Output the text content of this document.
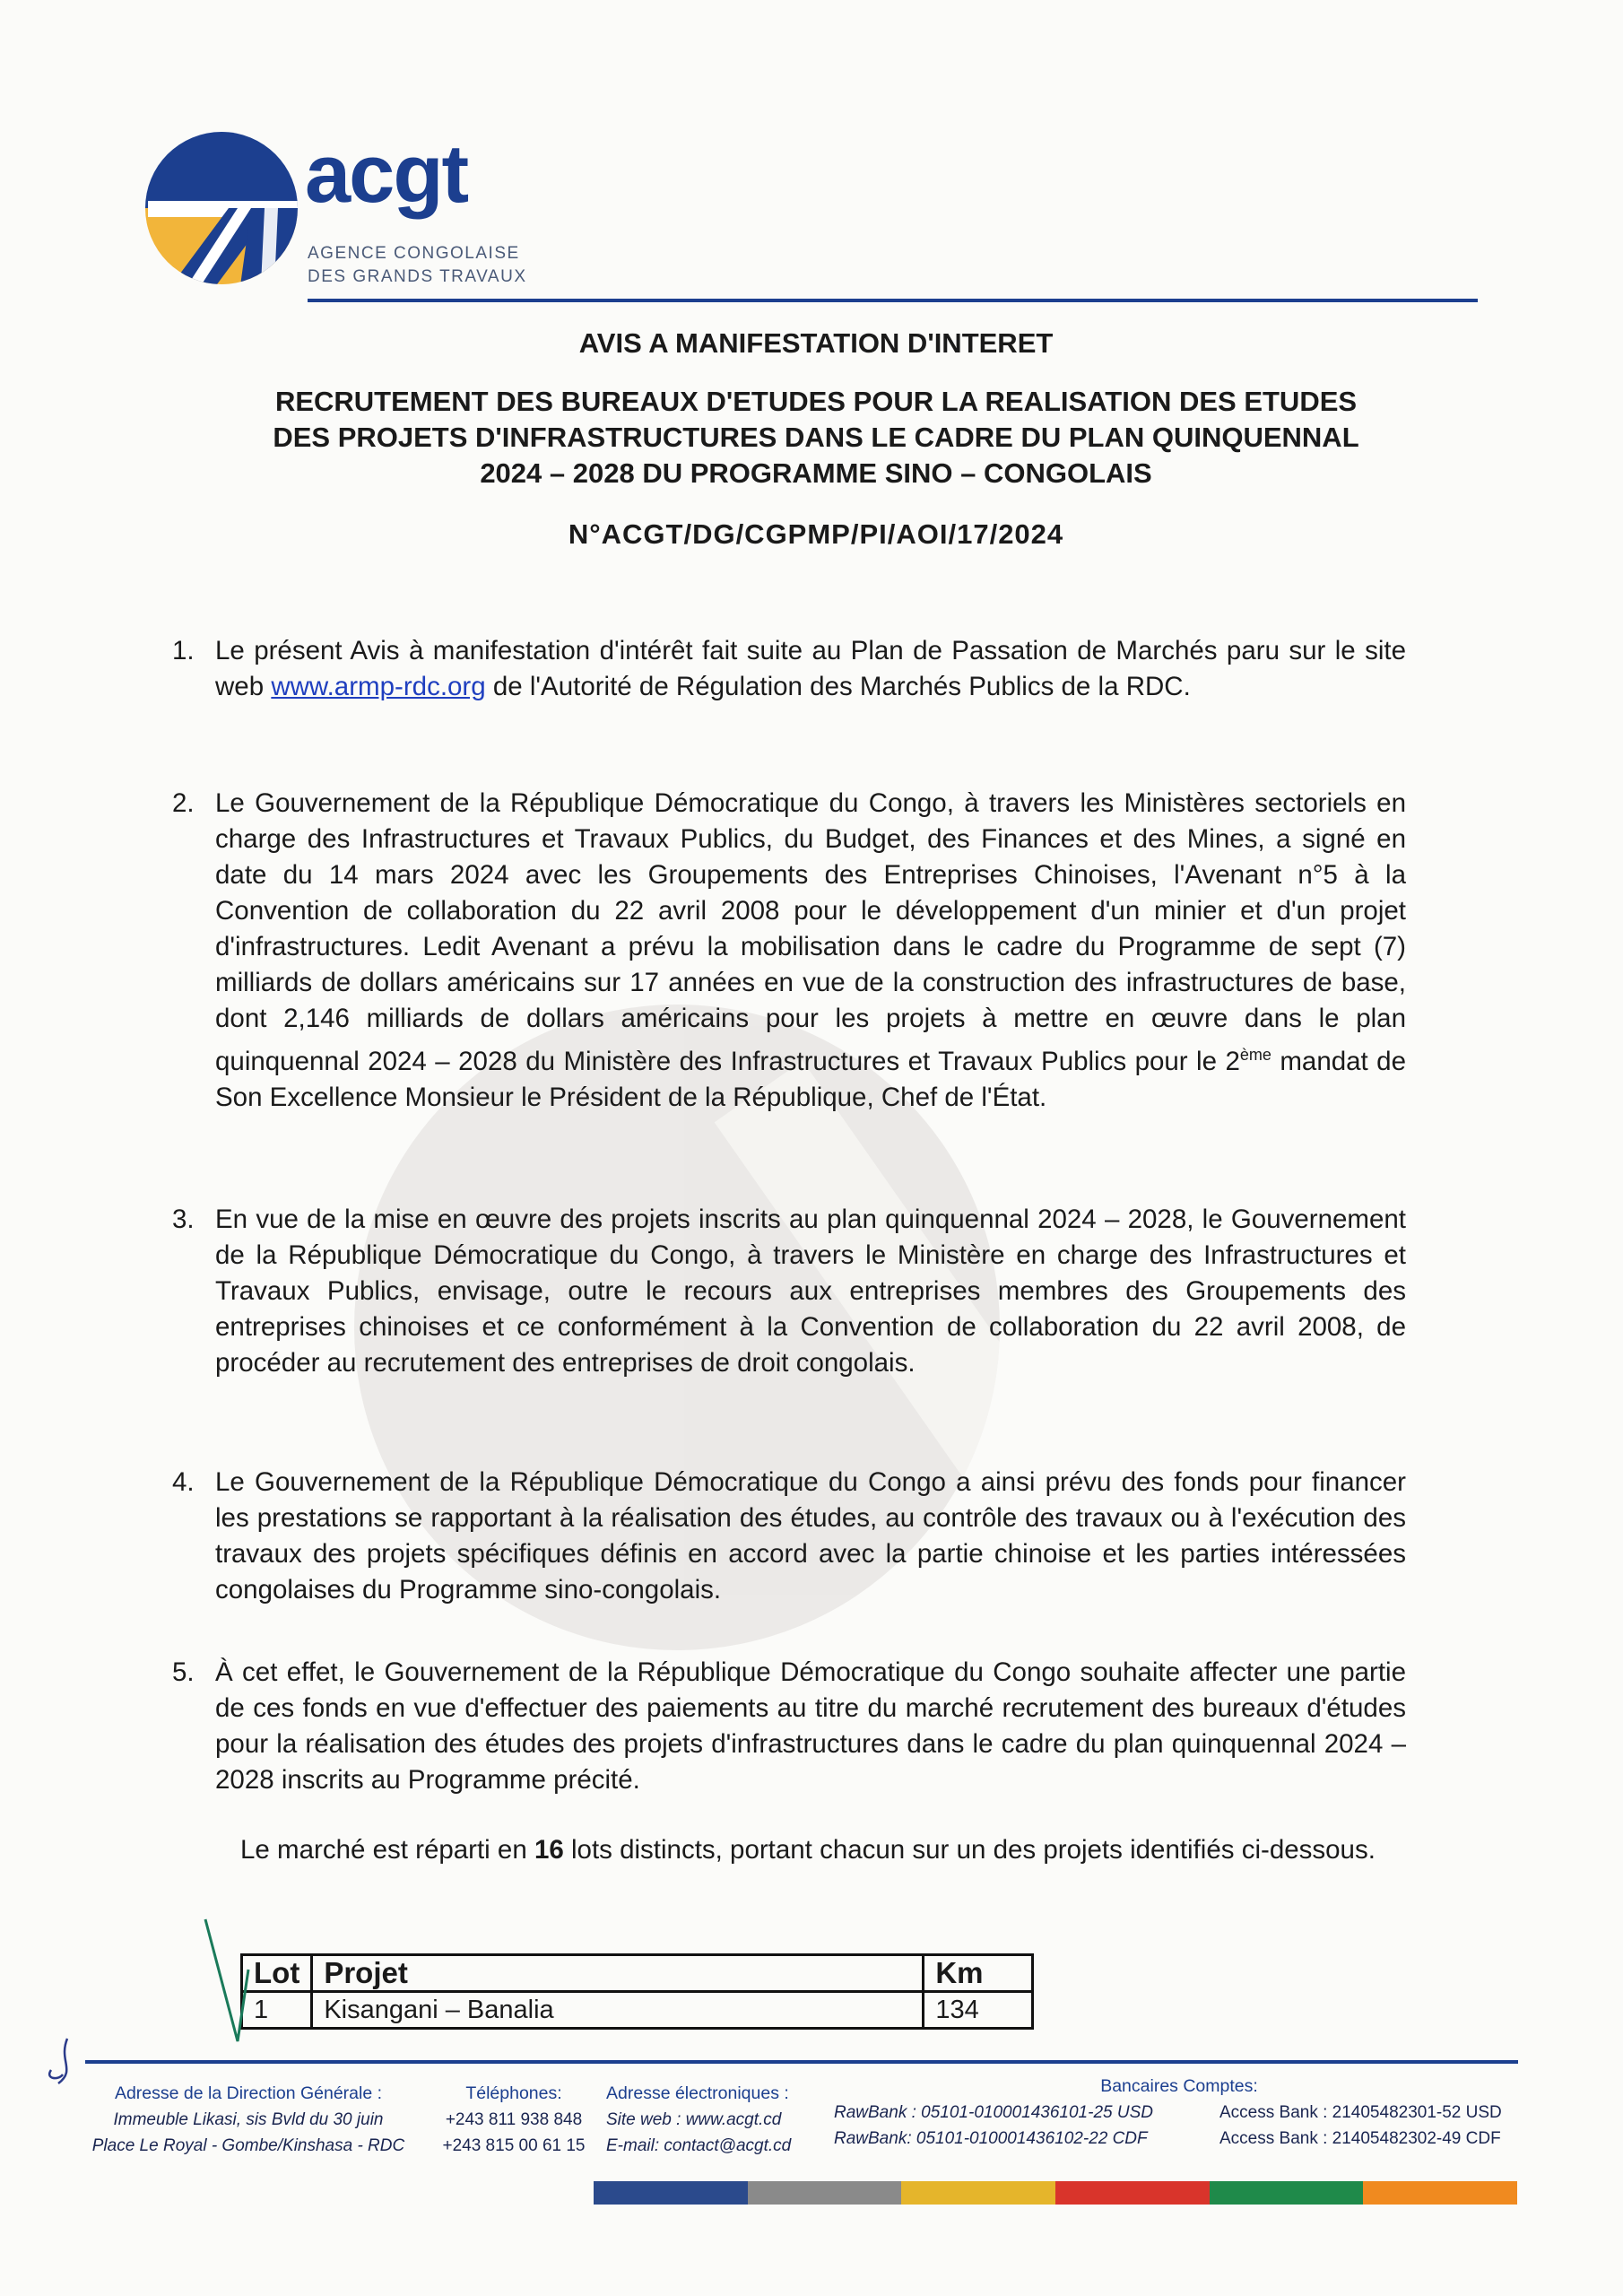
acgt
AGENCE CONGOLAISE
DES GRANDS TRAVAUX
AVIS A MANIFESTATION D'INTERET
RECRUTEMENT DES BUREAUX D'ETUDES POUR LA REALISATION DES ETUDES
DES PROJETS D'INFRASTRUCTURES DANS LE CADRE DU PLAN QUINQUENNAL
2024 – 2028 DU PROGRAMME SINO – CONGOLAIS
N°ACGT/DG/CGPMP/PI/AOI/17/2024
1. Le présent Avis à manifestation d'intérêt fait suite au Plan de Passation de Marchés paru sur le site web www.armp-rdc.org de l'Autorité de Régulation des Marchés Publics de la RDC.
2. Le Gouvernement de la République Démocratique du Congo, à travers les Ministères sectoriels en charge des Infrastructures et Travaux Publics, du Budget, des Finances et des Mines, a signé en date du 14 mars 2024 avec les Groupements des Entreprises Chinoises, l'Avenant n°5 à la Convention de collaboration du 22 avril 2008 pour le développement d'un minier et d'un projet d'infrastructures. Ledit Avenant a prévu la mobilisation dans le cadre du Programme de sept (7) milliards de dollars américains sur 17 années en vue de la construction des infrastructures de base, dont 2,146 milliards de dollars américains pour les projets à mettre en œuvre dans le plan quinquennal 2024 – 2028 du Ministère des Infrastructures et Travaux Publics pour le 2ème mandat de Son Excellence Monsieur le Président de la République, Chef de l'État.
3. En vue de la mise en œuvre des projets inscrits au plan quinquennal 2024 – 2028, le Gouvernement de la République Démocratique du Congo, à travers le Ministère en charge des Infrastructures et Travaux Publics, envisage, outre le recours aux entreprises membres des Groupements des entreprises chinoises et ce conformément à la Convention de collaboration du 22 avril 2008, de procéder au recrutement des entreprises de droit congolais.
4. Le Gouvernement de la République Démocratique du Congo a ainsi prévu des fonds pour financer les prestations se rapportant à la réalisation des études, au contrôle des travaux ou à l'exécution des travaux des projets spécifiques définis en accord avec la partie chinoise et les parties intéressées congolaises du Programme sino-congolais.
5. À cet effet, le Gouvernement de la République Démocratique du Congo souhaite affecter une partie de ces fonds en vue d'effectuer des paiements au titre du marché recrutement des bureaux d'études pour la réalisation des études des projets d'infrastructures dans le cadre du plan quinquennal 2024 – 2028 inscrits au Programme précité.
Le marché est réparti en 16 lots distincts, portant chacun sur un des projets identifiés ci-dessous.
Lot	Projet	Km
1	Kisangani – Banalia	134
Adresse de la Direction Générale :
Immeuble Likasi, sis Bvld du 30 juin
Place Le Royal - Gombe/Kinshasa - RDC
Téléphones:
+243 811 938 848
+243 815 00 61 15
Adresse électroniques :
Site web : www.acgt.cd
E-mail: contact@acgt.cd
Bancaires Comptes:
RawBank : 05101-010001436101-25 USD	Access Bank : 21405482301-52 USD
RawBank: 05101-010001436102-22 CDF	Access Bank : 21405482302-49 CDF
